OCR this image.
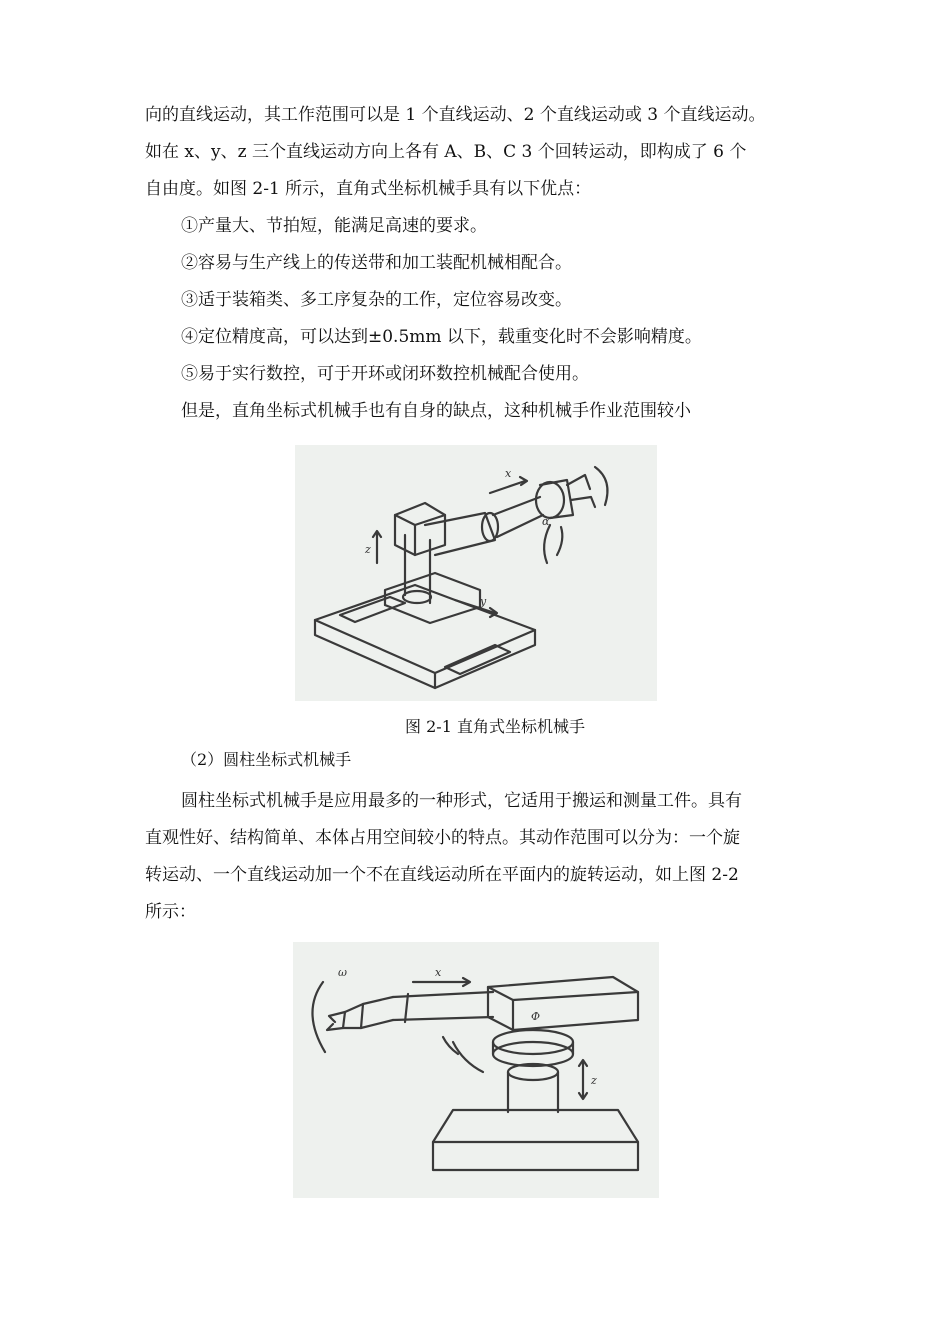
向的直线运动，其工作范围可以是 1 个直线运动、2 个直线运动或 3 个直线运动。
如在 x、y、z 三个直线运动方向上各有 A、B、C 3 个回转运动，即构成了 6 个
自由度。如图 2-1 所示，直角式坐标机械手具有以下优点：
①产量大、节拍短，能满足高速的要求。
②容易与生产线上的传送带和加工装配机械相配合。
③适于装箱类、多工序复杂的工作，定位容易改变。
④定位精度高，可以达到±0.5mm 以下，载重变化时不会影响精度。
⑤易于实行数控，可于开环或闭环数控机械配合使用。
但是，直角坐标式机械手也有自身的缺点，这种机械手作业范围较小
x
z
y
α
图 2-1 直角式坐标机械手
（2）圆柱坐标式机械手
圆柱坐标式机械手是应用最多的一种形式，它适用于搬运和测量工件。具有
直观性好、结构简单、本体占用空间较小的特点。其动作范围可以分为：一个旋
转运动、一个直线运动加一个不在直线运动所在平面内的旋转运动，如上图 2-2
所示：
ω	x
Φ
z
